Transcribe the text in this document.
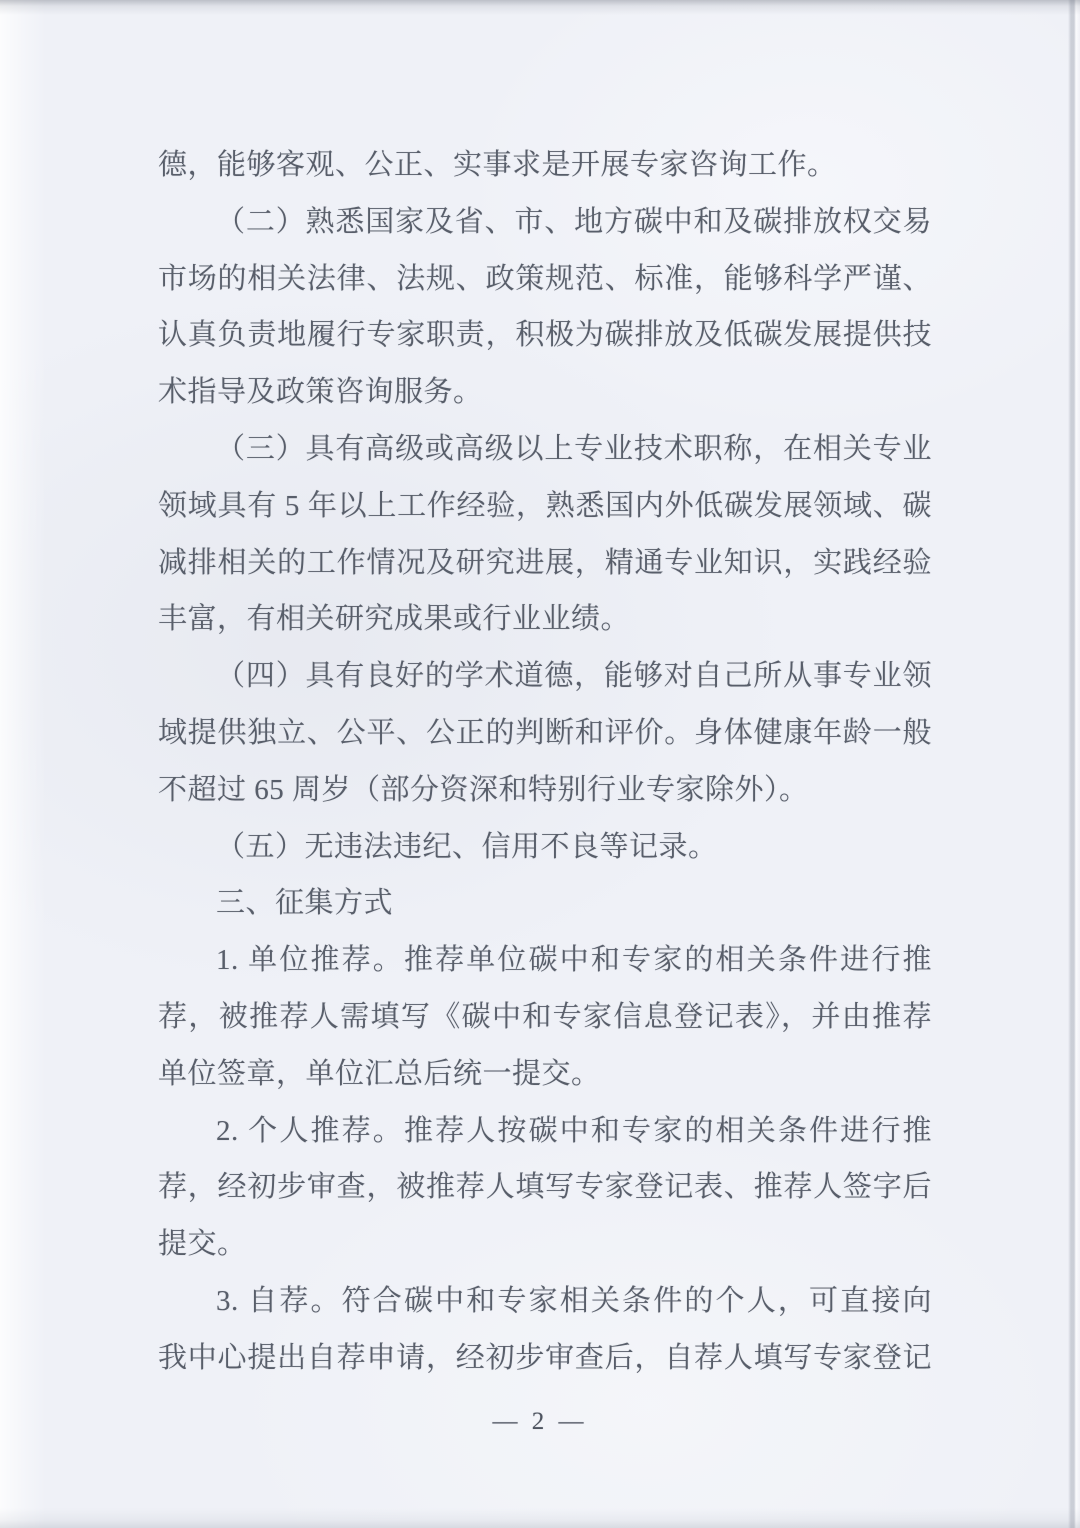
德，能够客观、公正、实事求是开展专家咨询工作。
（二）熟悉国家及省、市、地方碳中和及碳排放权交易
市场的相关法律、法规、政策规范、标准，能够科学严谨、
认真负责地履行专家职责，积极为碳排放及低碳发展提供技
术指导及政策咨询服务。
（三）具有高级或高级以上专业技术职称，在相关专业
领域具有 5 年以上工作经验，熟悉国内外低碳发展领域、碳
减排相关的工作情况及研究进展，精通专业知识，实践经验
丰富，有相关研究成果或行业业绩。
（四）具有良好的学术道德，能够对自己所从事专业领
域提供独立、公平、公正的判断和评价。身体健康年龄一般
不超过 65 周岁（部分资深和特别行业专家除外）。
（五）无违法违纪、信用不良等记录。
三、征集方式
1. 单位推荐。推荐单位碳中和专家的相关条件进行推
荐，被推荐人需填写《碳中和专家信息登记表》，并由推荐
单位签章，单位汇总后统一提交。
2. 个人推荐。推荐人按碳中和专家的相关条件进行推
荐，经初步审查，被推荐人填写专家登记表、推荐人签字后
提交。
3. 自荐。符合碳中和专家相关条件的个人，可直接向
我中心提出自荐申请，经初步审查后，自荐人填写专家登记
— 2 —
